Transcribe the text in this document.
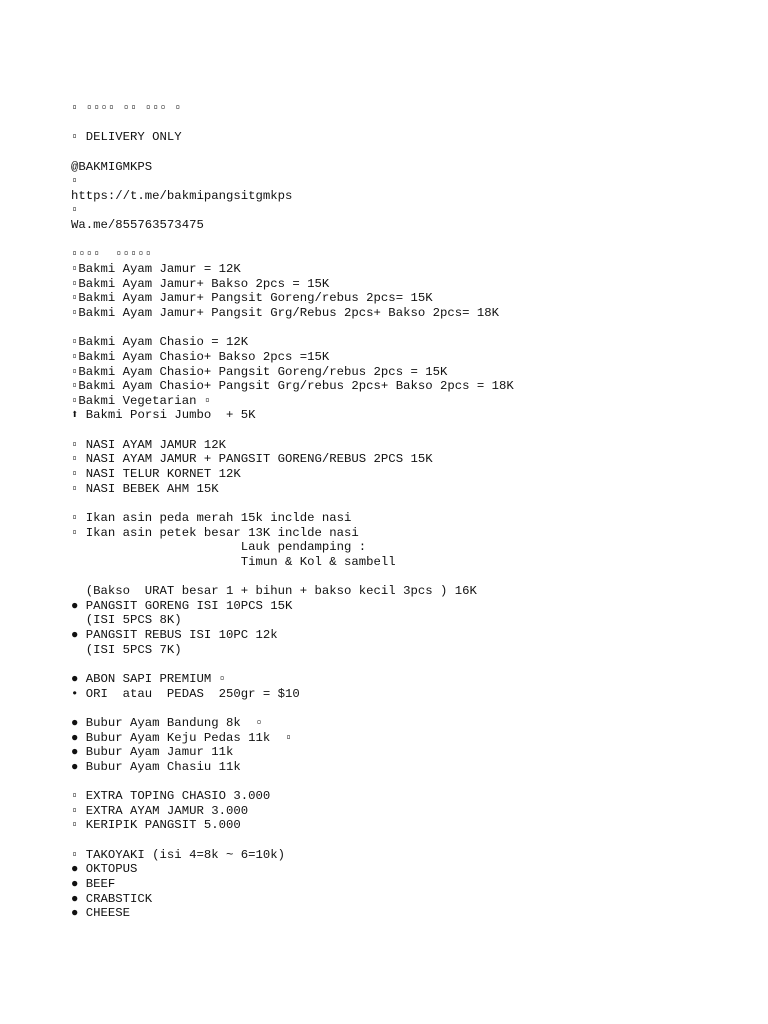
▫ ▫▫▫▫ ▫▫ ▫▫▫ ▫
▫ DELIVERY ONLY
@BAKMIGMKPS
▫
https://t.me/bakmipangsitgmkps
▫
Wa.me/855763573475
▫▫▫▫  ▫▫▫▫▫
▫Bakmi Ayam Jamur = 12K
▫Bakmi Ayam Jamur+ Bakso 2pcs = 15K
▫Bakmi Ayam Jamur+ Pangsit Goreng/rebus 2pcs= 15K
▫Bakmi Ayam Jamur+ Pangsit Grg/Rebus 2pcs+ Bakso 2pcs= 18K
▫Bakmi Ayam Chasio = 12K
▫Bakmi Ayam Chasio+ Bakso 2pcs =15K
▫Bakmi Ayam Chasio+ Pangsit Goreng/rebus 2pcs = 15K
▫Bakmi Ayam Chasio+ Pangsit Grg/rebus 2pcs+ Bakso 2pcs = 18K
▫Bakmi Vegetarian ▫
⬆ Bakmi Porsi Jumbo  + 5K
▫ NASI AYAM JAMUR 12K
▫ NASI AYAM JAMUR + PANGSIT GORENG/REBUS 2PCS 15K
▫ NASI TELUR KORNET 12K
▫ NASI BEBEK AHM 15K
▫ Ikan asin peda merah 15k inclde nasi
▫ Ikan asin petek besar 13K inclde nasi
Lauk pendamping :
Timun & Kol & sambell
(Bakso  URAT besar 1 + bihun + bakso kecil 3pcs ) 16K
● PANGSIT GORENG ISI 10PCS 15K
(ISI 5PCS 8K)
● PANGSIT REBUS ISI 10PC 12k
(ISI 5PCS 7K)
● ABON SAPI PREMIUM ▫
• ORI  atau  PEDAS  250gr = $10
● Bubur Ayam Bandung 8k  ▫
● Bubur Ayam Keju Pedas 11k  ▫
● Bubur Ayam Jamur 11k
● Bubur Ayam Chasiu 11k
▫ EXTRA TOPING CHASIO 3.000
▫ EXTRA AYAM JAMUR 3.000
▫ KERIPIK PANGSIT 5.000
▫ TAKOYAKI (isi 4=8k ~ 6=10k)
● OKTOPUS
● BEEF
● CRABSTICK
● CHEESE
